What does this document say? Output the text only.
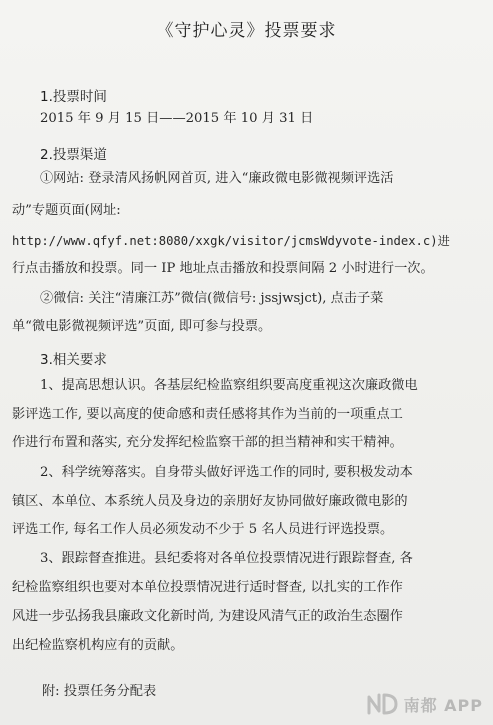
《守护心灵》投票要求
1.投票时间
2015 年 9 月 15 日——2015 年 10 月 31 日
2.投票渠道
①网站: 登录清风扬帆网首页, 进入“廉政微电影微视频评选活
动”专题页面(网址:
http://www.qfyf.net:8080/xxgk/visitor/jcmsWdyvote-index.c)进
行点击播放和投票。同一 IP 地址点击播放和投票间隔 2 小时进行一次。
②微信: 关注“清廉江苏”微信(微信号: jssjwsjct), 点击子菜
单“微电影微视频评选”页面, 即可参与投票。
3.相关要求
1、提高思想认识。各基层纪检监察组织要高度重视这次廉政微电
影评选工作, 要以高度的使命感和责任感将其作为当前的一项重点工
作进行布置和落实, 充分发挥纪检监察干部的担当精神和实干精神。
2、科学统筹落实。自身带头做好评选工作的同时, 要积极发动本
镇区、本单位、本系统人员及身边的亲朋好友协同做好廉政微电影的
评选工作, 每名工作人员必须发动不少于 5 名人员进行评选投票。
3、跟踪督查推进。县纪委将对各单位投票情况进行跟踪督查, 各
纪检监察组织也要对本单位投票情况进行适时督查, 以扎实的工作作
风进一步弘扬我县廉政文化新时尚, 为建设风清气正的政治生态圈作
出纪检监察机构应有的贡献。
附: 投票任务分配表
南都 APP
